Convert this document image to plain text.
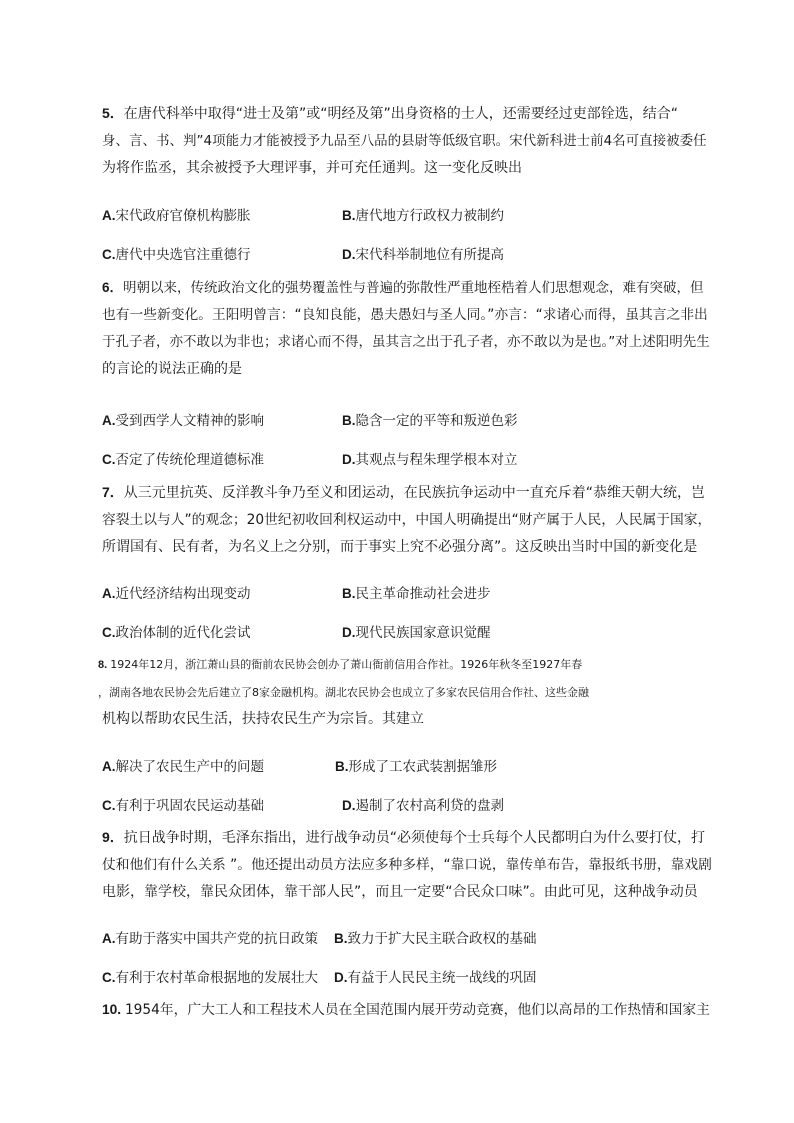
5．在唐代科举中取得“进士及第”或“明经及第”出身资格的士人，还需要经过吏部铨选，结合“
身、言、书、判”4项能力才能被授予九品至八品的县尉等低级官职。宋代新科进士前4名可直接被委任
为将作监丞，其余被授予大理评事，并可充任通判。这一变化反映出
A.宋代政府官僚机构膨胀	B.唐代地方行政权力被制约
C.唐代中央选官注重德行	D.宋代科举制地位有所提高
6．明朝以来，传统政治文化的强势覆盖性与普遍的弥散性严重地桎梏着人们思想观念，难有突破，但
也有一些新变化。王阳明曾言：“良知良能，愚夫愚妇与圣人同。”亦言：“求诸心而得，虽其言之非出
于孔子者，亦不敢以为非也；求诸心而不得，虽其言之出于孔子者，亦不敢以为是也。”对上述阳明先生
的言论的说法正确的是
A.受到西学人文精神的影响	B.隐含一定的平等和叛逆色彩
C.否定了传统伦理道德标准	D.其观点与程朱理学根本对立
7．从三元里抗英、反洋教斗争乃至义和团运动，在民族抗争运动中一直充斥着“恭维天朝大统，岂
容裂土以与人”的观念；20世纪初收回利权运动中，中国人明确提出“财产属于人民，人民属于国家，
所谓国有、民有者，为名义上之分别，而于事实上究不必强分离”。这反映出当时中国的新变化是
A.近代经济结构出现变动	B.民主革命推动社会进步
C.政治体制的近代化尝试	D.现代民族国家意识觉醒
8. 1924年12月，浙江萧山县的衙前农民协会创办了萧山衙前信用合作社。1926年秋冬至1927年春
，湖南各地农民协会先后建立了8家金融机构。湖北农民协会也成立了多家农民信用合作社、这些金融
机构以帮助农民生活，扶持农民生产为宗旨。其建立
A.解决了农民生产中的问题	B.形成了工农武装割据雏形
C.有利于巩固农民运动基础	D.遏制了农村高利贷的盘剥
9．抗日战争时期，毛泽东指出，进行战争动员“必须使每个士兵每个人民都明白为什么要打仗，打
仗和他们有什么关系 ”。他还提出动员方法应多种多样，“靠口说，靠传单布告，靠报纸书册，靠戏剧
电影，靠学校，靠民众团体，靠干部人民”，而且一定要“合民众口味”。由此可见，这种战争动员
A.有助于落实中国共产党的抗日政策 B.致力于扩大民主联合政权的基础
C.有利于农村革命根据地的发展壮大 D.有益于人民民主统一战线的巩固
10. 1954年，广大工人和工程技术人员在全国范围内展开劳动竞赛，他们以高昂的工作热情和国家主
